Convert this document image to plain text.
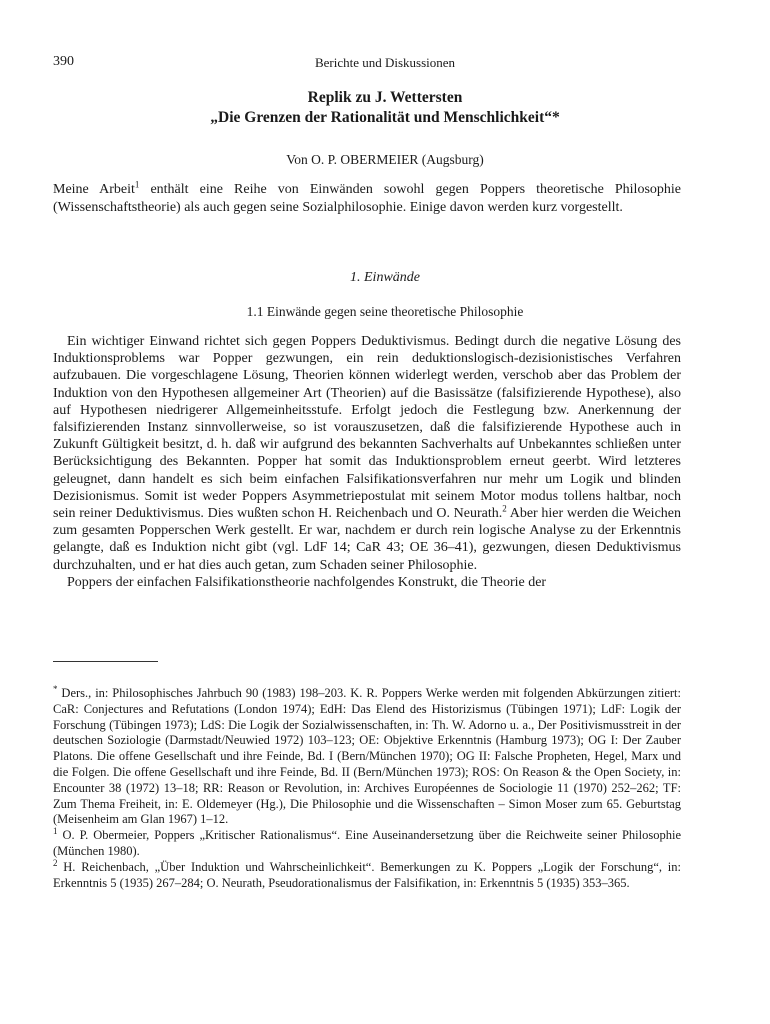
390	Berichte und Diskussionen
Replik zu J. Wettersten
„Die Grenzen der Rationalität und Menschlichkeit“*
Von O. P. OBERMEIER (Augsburg)

Meine Arbeit$^1$ enthält eine Reihe von Einwänden sowohl gegen Poppers theoretische Philosophie (Wissenschaftstheorie) als auch gegen seine Sozialphilosophie. Einige davon werden kurz vorgestellt.

1. Einwände
1.1 Einwände gegen seine theoretische Philosophie

Ein wichtiger Einwand richtet sich gegen Poppers Deduktivismus. Bedingt durch die negative Lösung des Induktionsproblems war Popper gezwungen, ein rein deduktionslogisch-dezisionistisches Verfahren aufzubauen. Die vorgeschlagene Lösung, Theorien können widerlegt werden, verschob aber das Problem der Induktion von den Hypothesen allgemeiner Art (Theorien) auf die Basissätze (falsifizierende Hypothese), also auf Hypothesen niedrigerer Allgemeinheitsstufe. Erfolgt jedoch die Festlegung bzw. Anerkennung der falsifizierenden Instanz sinnvollerweise, so ist vorauszusetzen, daß die falsifizierende Hypothese auch in Zukunft Gültigkeit besitzt, d. h. daß wir aufgrund des bekannten Sachverhalts auf Unbekanntes schließen unter Berücksichtigung des Bekannten. Popper hat somit das Induktionsproblem erneut geerbt. Wird letzteres geleugnet, dann handelt es sich beim einfachen Falsifikationsverfahren nur mehr um Logik und blinden Dezisionismus. Somit ist weder Poppers Asymmetriepostulat mit seinem Motor modus tollens haltbar, noch sein reiner Deduktivismus. Dies wußten schon H. Reichenbach und O. Neurath.$^2$ Aber hier werden die Weichen zum gesamten Popperschen Werk gestellt. Er war, nachdem er durch rein logische Analyse zu der Erkenntnis gelangte, daß es Induktion nicht gibt (vgl. LdF 14; CaR 43; OE 36–41), gezwungen, diesen Deduktivismus durchzuhalten, und er hat dies auch getan, zum Schaden seiner Philosophie.

Poppers der einfachen Falsifikationstheorie nachfolgendes Konstrukt, die Theorie der

* Ders., in: Philosophisches Jahrbuch 90 (1983) 198–203. K. R. Poppers Werke werden mit folgenden Abkürzungen zitiert: CaR: Conjectures and Refutations (London 1974); EdH: Das Elend des Historizismus (Tübingen 1971); LdF: Logik der Forschung (Tübingen 1973); LdS: Die Logik der Sozialwissenschaften, in: Th. W. Adorno u. a., Der Positivismusstreit in der deutschen Soziologie (Darmstadt/Neuwied 1972) 103–123; OE: Objektive Erkenntnis (Hamburg 1973); OG I: Der Zauber Platons. Die offene Gesellschaft und ihre Feinde, Bd. I (Bern/München 1970); OG II: Falsche Propheten, Hegel, Marx und die Folgen. Die offene Gesellschaft und ihre Feinde, Bd. II (Bern/München 1973); ROS: On Reason & the Open Society, in: Encounter 38 (1972) 13–18; RR: Reason or Revolution, in: Archives Européennes de Sociologie 11 (1970) 252–262; TF: Zum Thema Freiheit, in: E. Oldemeyer (Hg.), Die Philosophie und die Wissenschaften – Simon Moser zum 65. Geburtstag (Meisenheim am Glan 1967) 1–12.

$^1$ O. P. Obermeier, Poppers „Kritischer Rationalismus“. Eine Auseinandersetzung über die Reichweite seiner Philosophie (München 1980).

$^2$ H. Reichenbach, „Über Induktion und Wahrscheinlichkeit“. Bemerkungen zu K. Poppers „Logik der Forschung“, in: Erkenntnis 5 (1935) 267–284; O. Neurath, Pseudorationalismus der Falsifikation, in: Erkenntnis 5 (1935) 353–365.
